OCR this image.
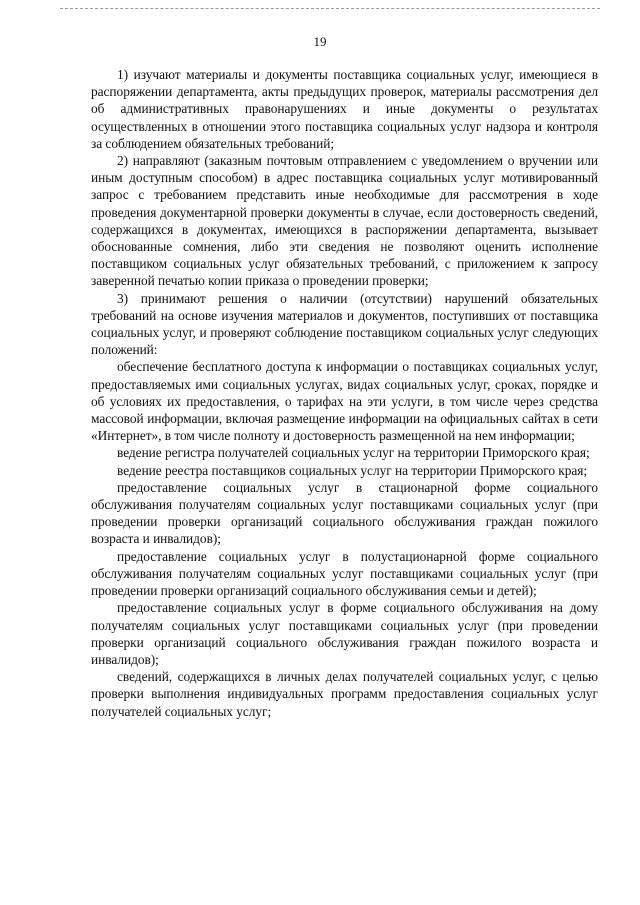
19

1) изучают материалы и документы поставщика социальных услуг, имеющиеся в распоряжении департамента, акты предыдущих проверок, материалы рассмотрения дел об административных правонарушениях и иные документы о результатах осуществленных в отношении этого поставщика социальных услуг надзора и контроля за соблюдением обязательных требований;

2) направляют (заказным почтовым отправлением с уведомлением о вручении или иным доступным способом) в адрес поставщика социальных услуг мотивированный запрос с требованием представить иные необходимые для рассмотрения в ходе проведения документарной проверки документы в случае, если достоверность сведений, содержащихся в документах, имеющихся в распоряжении департамента, вызывает обоснованные сомнения, либо эти сведения не позволяют оценить исполнение поставщиком социальных услуг обязательных требований, с приложением к запросу заверенной печатью копии приказа о проведении проверки;

3) принимают решения о наличии (отсутствии) нарушений обязательных требований на основе изучения материалов и документов, поступивших от поставщика социальных услуг, и проверяют соблюдение поставщиком социальных услуг следующих положений:

обеспечение бесплатного доступа к информации о поставщиках социальных услуг, предоставляемых ими социальных услугах, видах социальных услуг, сроках, порядке и об условиях их предоставления, о тарифах на эти услуги, в том числе через средства массовой информации, включая размещение информации на официальных сайтах в сети «Интернет», в том числе полноту и достоверность размещенной на нем информации;

ведение регистра получателей социальных услуг на территории Приморского края;

ведение реестра поставщиков социальных услуг на территории Приморского края;

предоставление социальных услуг в стационарной форме социального обслуживания получателям социальных услуг поставщиками социальных услуг (при проведении проверки организаций социального обслуживания граждан пожилого возраста и инвалидов);

предоставление социальных услуг в полустационарной форме социального обслуживания получателям социальных услуг поставщиками социальных услуг (при проведении проверки организаций социального обслуживания семьи и детей);

предоставление социальных услуг в форме социального обслуживания на дому получателям социальных услуг поставщиками социальных услуг (при проведении проверки организаций социального обслуживания граждан пожилого возраста и инвалидов);

сведений, содержащихся в личных делах получателей социальных услуг, с целью проверки выполнения индивидуальных программ предоставления социальных услуг получателей социальных услуг;
